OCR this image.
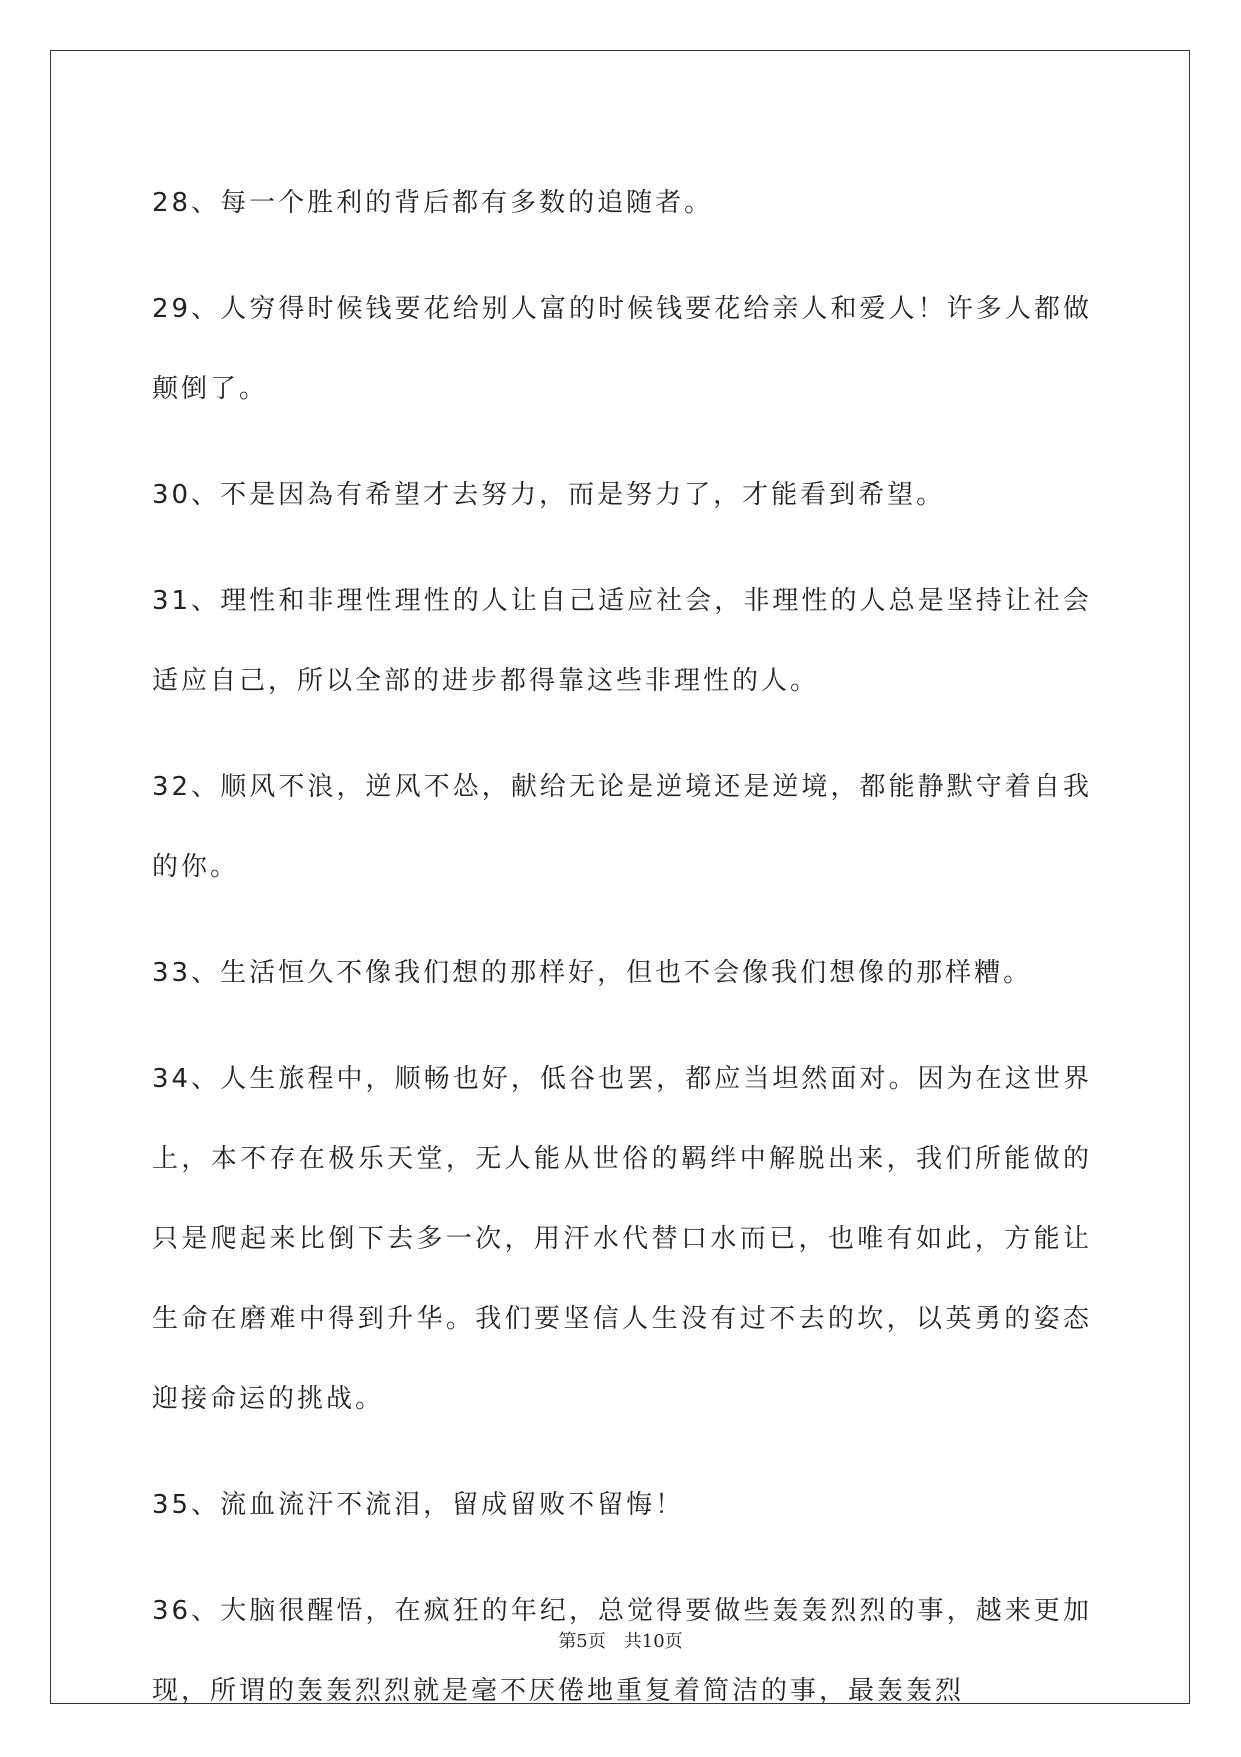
28、每一个胜利的背后都有多数的追随者。

29、人穷得时候钱要花给别人富的时候钱要花给亲人和爱人！许多人都做颠倒了。

30、不是因為有希望才去努力，而是努力了，才能看到希望。

31、理性和非理性理性的人让自己适应社会，非理性的人总是坚持让社会适应自己，所以全部的进步都得靠这些非理性的人。

32、顺风不浪，逆风不怂，献给无论是逆境还是逆境，都能静默守着自我的你。

33、生活恒久不像我们想的那样好，但也不会像我们想像的那样糟。

34、人生旅程中，顺畅也好，低谷也罢，都应当坦然面对。因为在这世界上，本不存在极乐天堂，无人能从世俗的羁绊中解脱出来，我们所能做的只是爬起来比倒下去多一次，用汗水代替口水而已，也唯有如此，方能让生命在磨难中得到升华。我们要坚信人生没有过不去的坎，以英勇的姿态迎接命运的挑战。

35、流血流汗不流泪，留成留败不留悔！

36、大脑很醒悟，在疯狂的年纪，总觉得要做些轰轰烈烈的事，越来更加现，所谓的轰轰烈烈就是毫不厌倦地重复着简洁的事，最轰轰烈

第5页 共10页
